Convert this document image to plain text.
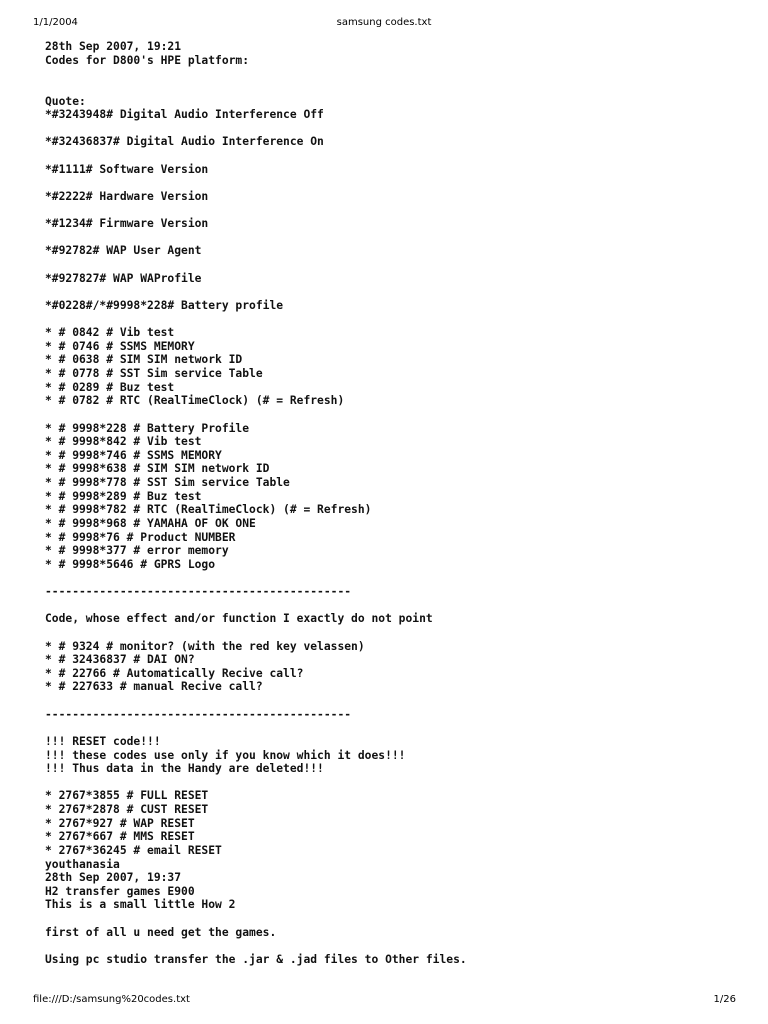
1/1/2004	samsung codes.txt
28th Sep 2007, 19:21
Codes for D800's HPE platform:
Quote:
*#3243948# Digital Audio Interference Off
*#32436837# Digital Audio Interference On
*#1111# Software Version
*#2222# Hardware Version
*#1234# Firmware Version
*#92782# WAP User Agent
*#927827# WAP WAProfile
*#0228#/*#9998*228# Battery profile
* # 0842 # Vib test
* # 0746 # SSMS MEMORY
* # 0638 # SIM SIM network ID
* # 0778 # SST Sim service Table
* # 0289 # Buz test
* # 0782 # RTC (RealTimeClock) (# = Refresh)
* # 9998*228 # Battery Profile
* # 9998*842 # Vib test
* # 9998*746 # SSMS MEMORY
* # 9998*638 # SIM SIM network ID
* # 9998*778 # SST Sim service Table
* # 9998*289 # Buz test
* # 9998*782 # RTC (RealTimeClock) (# = Refresh)
* # 9998*968 # YAMAHA OF OK ONE
* # 9998*76 # Product NUMBER
* # 9998*377 # error memory
* # 9998*5646 # GPRS Logo
---------------------------------------------
Code, whose effect and/or function I exactly do not point
* # 9324 # monitor? (with the red key velassen)
* # 32436837 # DAI ON?
* # 22766 # Automatically Recive call?
* # 227633 # manual Recive call?
---------------------------------------------
!!! RESET code!!!
!!! these codes use only if you know which it does!!!
!!! Thus data in the Handy are deleted!!!
* 2767*3855 # FULL RESET
* 2767*2878 # CUST RESET
* 2767*927 # WAP RESET
* 2767*667 # MMS RESET
* 2767*36245 # email RESET
youthanasia
28th Sep 2007, 19:37
H2 transfer games E900
This is a small little How 2
first of all u need get the games.
Using pc studio transfer the .jar & .jad files to Other files.
file:///D:/samsung%20codes.txt	1/26
